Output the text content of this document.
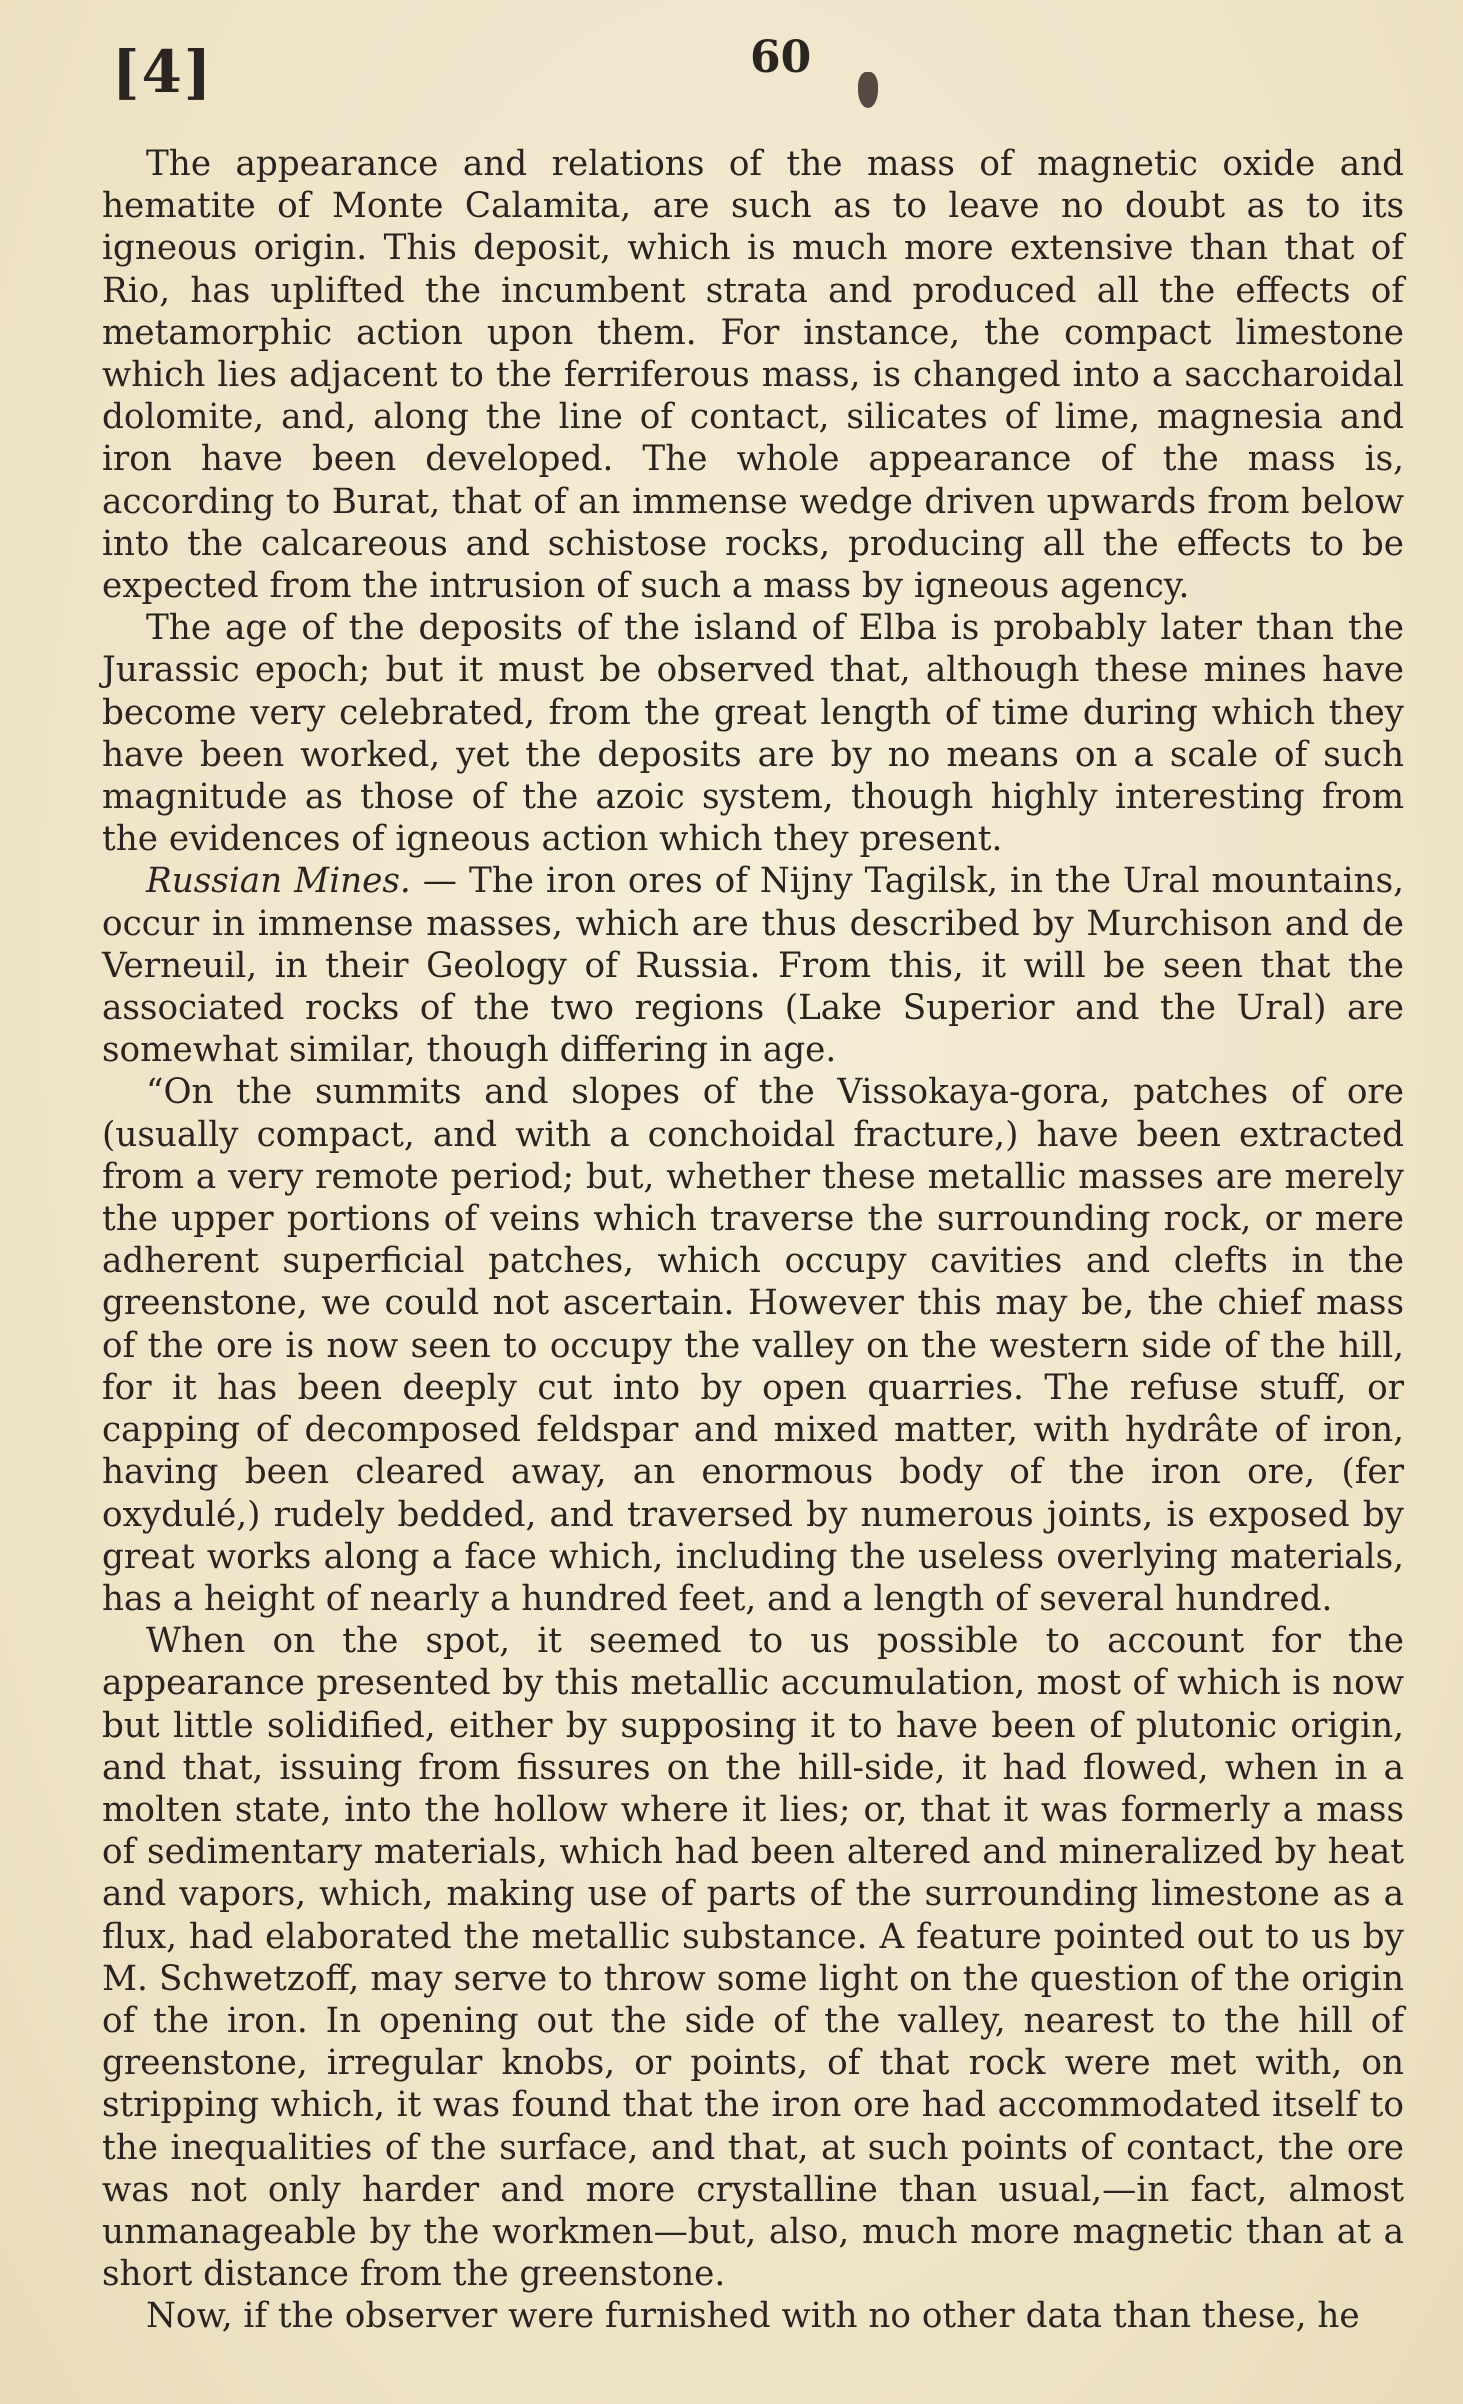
[4]	60

The appearance and relations of the mass of magnetic oxide and hematite of Monte Calamita, are such as to leave no doubt as to its igneous origin. This deposit, which is much more extensive than that of Rio, has uplifted the incumbent strata and produced all the effects of metamorphic action upon them. For instance, the compact limestone which lies adjacent to the ferriferous mass, is changed into a saccharoidal dolomite, and, along the line of contact, silicates of lime, magnesia and iron have been developed. The whole appearance of the mass is, according to Burat, that of an immense wedge driven upwards from below into the calcareous and schistose rocks, producing all the effects to be expected from the intrusion of such a mass by igneous agency.

The age of the deposits of the island of Elba is probably later than the Jurassic epoch; but it must be observed that, although these mines have become very celebrated, from the great length of time during which they have been worked, yet the deposits are by no means on a scale of such magnitude as those of the azoic system, though highly interesting from the evidences of igneous action which they present.

Russian Mines. — The iron ores of Nijny Tagilsk, in the Ural mountains, occur in immense masses, which are thus described by Murchison and de Verneuil, in their Geology of Russia. From this, it will be seen that the associated rocks of the two regions (Lake Superior and the Ural) are somewhat similar, though differing in age.

“On the summits and slopes of the Vissokaya-gora, patches of ore (usually compact, and with a conchoidal fracture,) have been extracted from a very remote period; but, whether these metallic masses are merely the upper portions of veins which traverse the surrounding rock, or mere adherent superficial patches, which occupy cavities and clefts in the greenstone, we could not ascertain. However this may be, the chief mass of the ore is now seen to occupy the valley on the western side of the hill, for it has been deeply cut into by open quarries. The refuse stuff, or capping of decomposed feldspar and mixed matter, with hydrâte of iron, having been cleared away, an enormous body of the iron ore, (fer oxydulé,) rudely bedded, and traversed by numerous joints, is exposed by great works along a face which, including the useless overlying materials, has a height of nearly a hundred feet, and a length of several hundred.

When on the spot, it seemed to us possible to account for the appearance presented by this metallic accumulation, most of which is now but little solidified, either by supposing it to have been of plutonic origin, and that, issuing from fissures on the hill-side, it had flowed, when in a molten state, into the hollow where it lies; or, that it was formerly a mass of sedimentary materials, which had been altered and mineralized by heat and vapors, which, making use of parts of the surrounding limestone as a flux, had elaborated the metallic substance. A feature pointed out to us by M. Schwetzoff, may serve to throw some light on the question of the origin of the iron. In opening out the side of the valley, nearest to the hill of greenstone, irregular knobs, or points, of that rock were met with, on stripping which, it was found that the iron ore had accommodated itself to the inequalities of the surface, and that, at such points of contact, the ore was not only harder and more crystalline than usual,—in fact, almost unmanageable by the workmen—but, also, much more magnetic than at a short distance from the greenstone.

Now, if the observer were furnished with no other data than these, he
